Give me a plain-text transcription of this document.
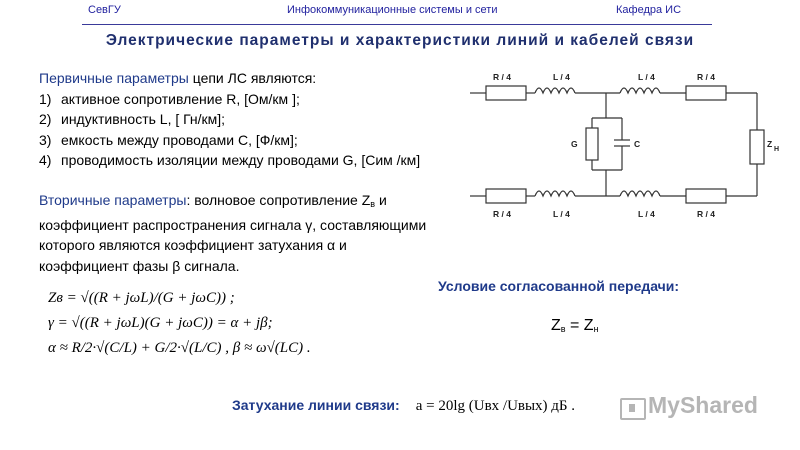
СевГУ	Инфокоммуникационные системы и сети	Кафедра ИС
Электрические параметры и характеристики линий и кабелей связи
Первичные параметры цепи ЛС являются:
1) активное сопротивление R, [Ом/км ];
2) индуктивность L, [ Гн/км];
3) емкость между проводами C, [Ф/км];
4) проводимость изоляции между проводами G, [Сим /км]
Вторичные параметры: волновое сопротивление $Z_в$ и коэффициент распространения сигнала γ, составляющими которого являются коэффициент затухания α и коэффициент фазы β сигнала.
Zв = √((R + jωL)/(G + jωC)) ;
γ = √((R + jωL)(G + jωC)) = α + jβ;
α ≈ R/2·√(C/L) + G/2·√(L/C) , β ≈ ω√(LC) .
Условие согласованной передачи:
$Z_в = Z_н$
Затухание линии связи: a = 20lg (Uвх /Uвых) дБ .	MyShared
R / 4	L / 4	L / 4	R / 4
R / 4	L / 4	L / 4	R / 4
G	C	Z
Н
